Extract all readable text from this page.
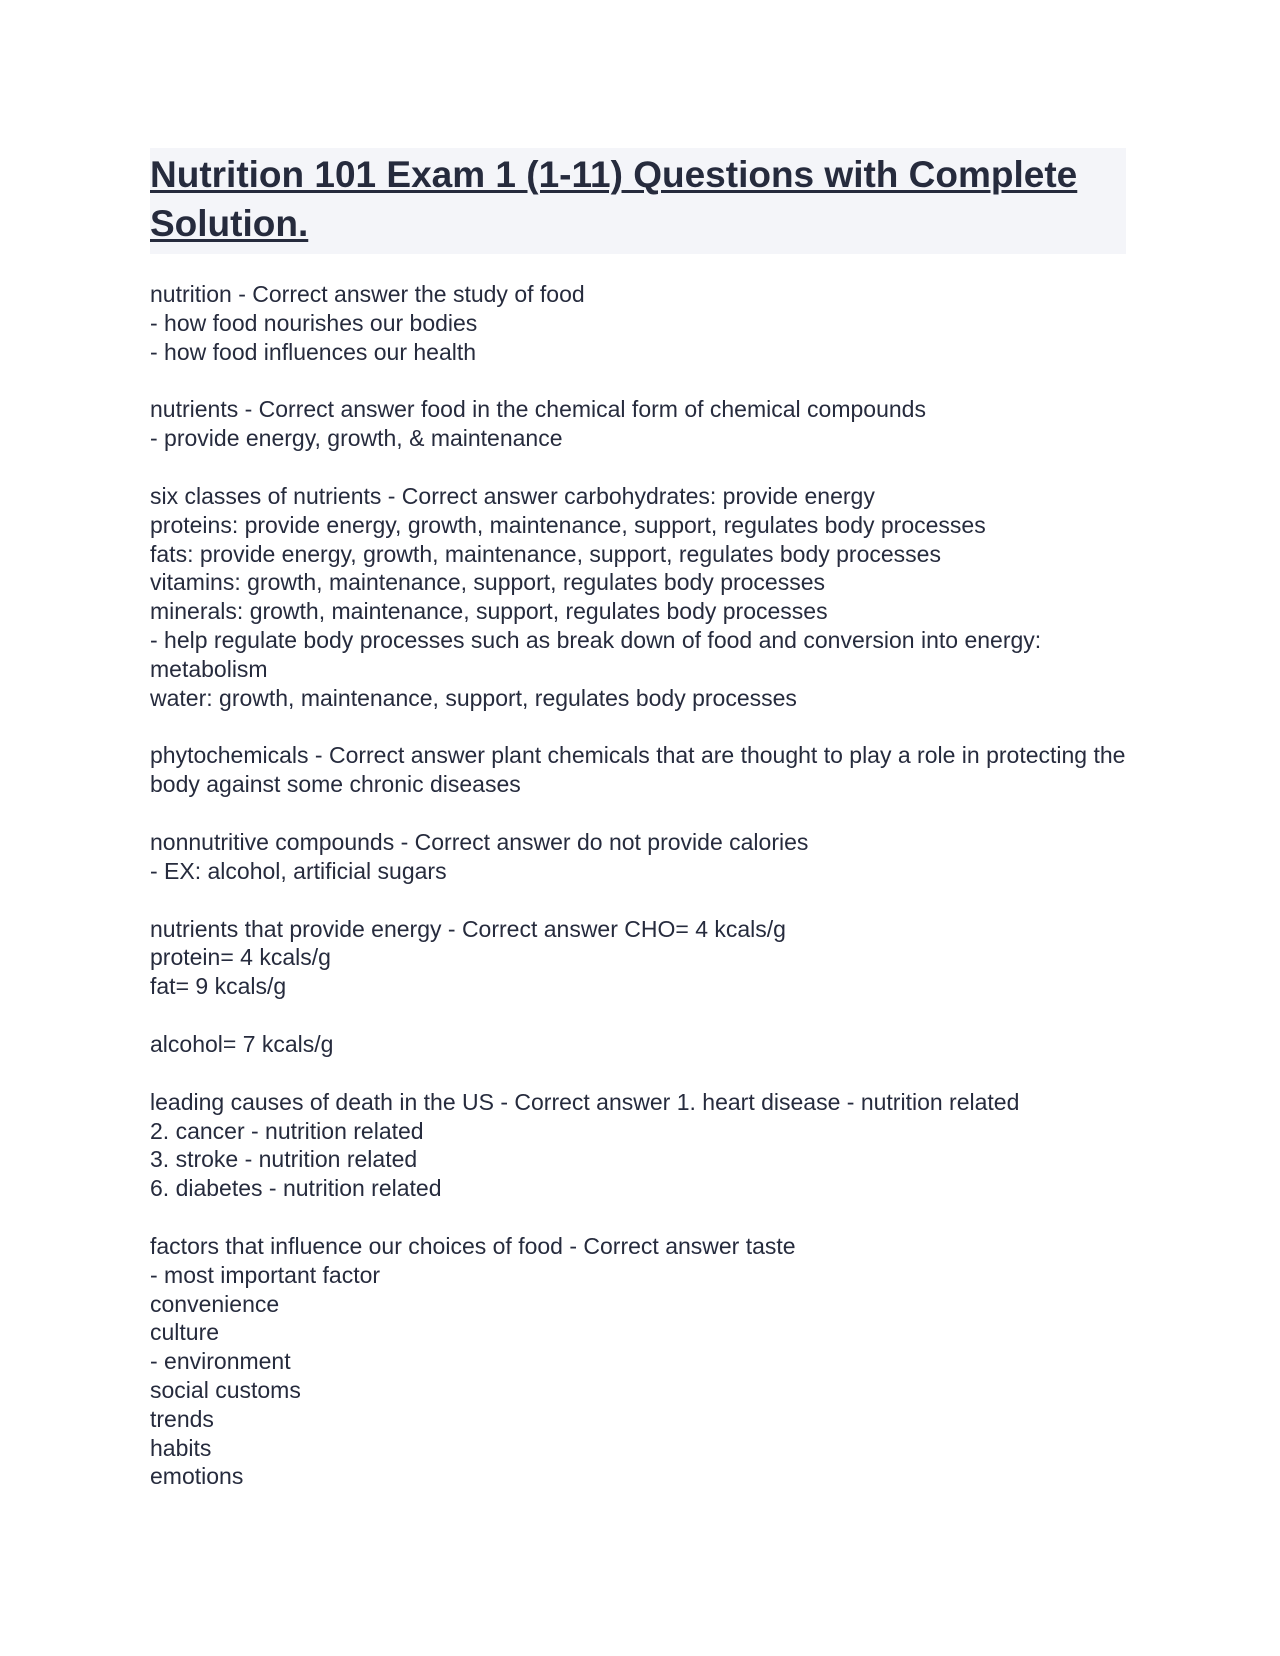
Nutrition 101 Exam 1 (1-11) Questions with Complete Solution.

nutrition - Correct answer the study of food

- how food nourishes our bodies

- how food influences our health

nutrients - Correct answer food in the chemical form of chemical compounds

- provide energy, growth, & maintenance

six classes of nutrients - Correct answer carbohydrates: provide energy

proteins: provide energy, growth, maintenance, support, regulates body processes

fats: provide energy, growth, maintenance, support, regulates body processes

vitamins: growth, maintenance, support, regulates body processes

minerals: growth, maintenance, support, regulates body processes

- help regulate body processes such as break down of food and conversion into energy: metabolism

water: growth, maintenance, support, regulates body processes

phytochemicals - Correct answer plant chemicals that are thought to play a role in protecting the body against some chronic diseases

nonnutritive compounds - Correct answer do not provide calories

- EX: alcohol, artificial sugars

nutrients that provide energy - Correct answer CHO= 4 kcals/g

protein= 4 kcals/g

fat= 9 kcals/g

alcohol= 7 kcals/g

leading causes of death in the US - Correct answer 1. heart disease - nutrition related

2. cancer - nutrition related

3. stroke - nutrition related

6. diabetes - nutrition related

factors that influence our choices of food - Correct answer taste

- most important factor

convenience

culture

- environment

social customs

trends

habits

emotions
